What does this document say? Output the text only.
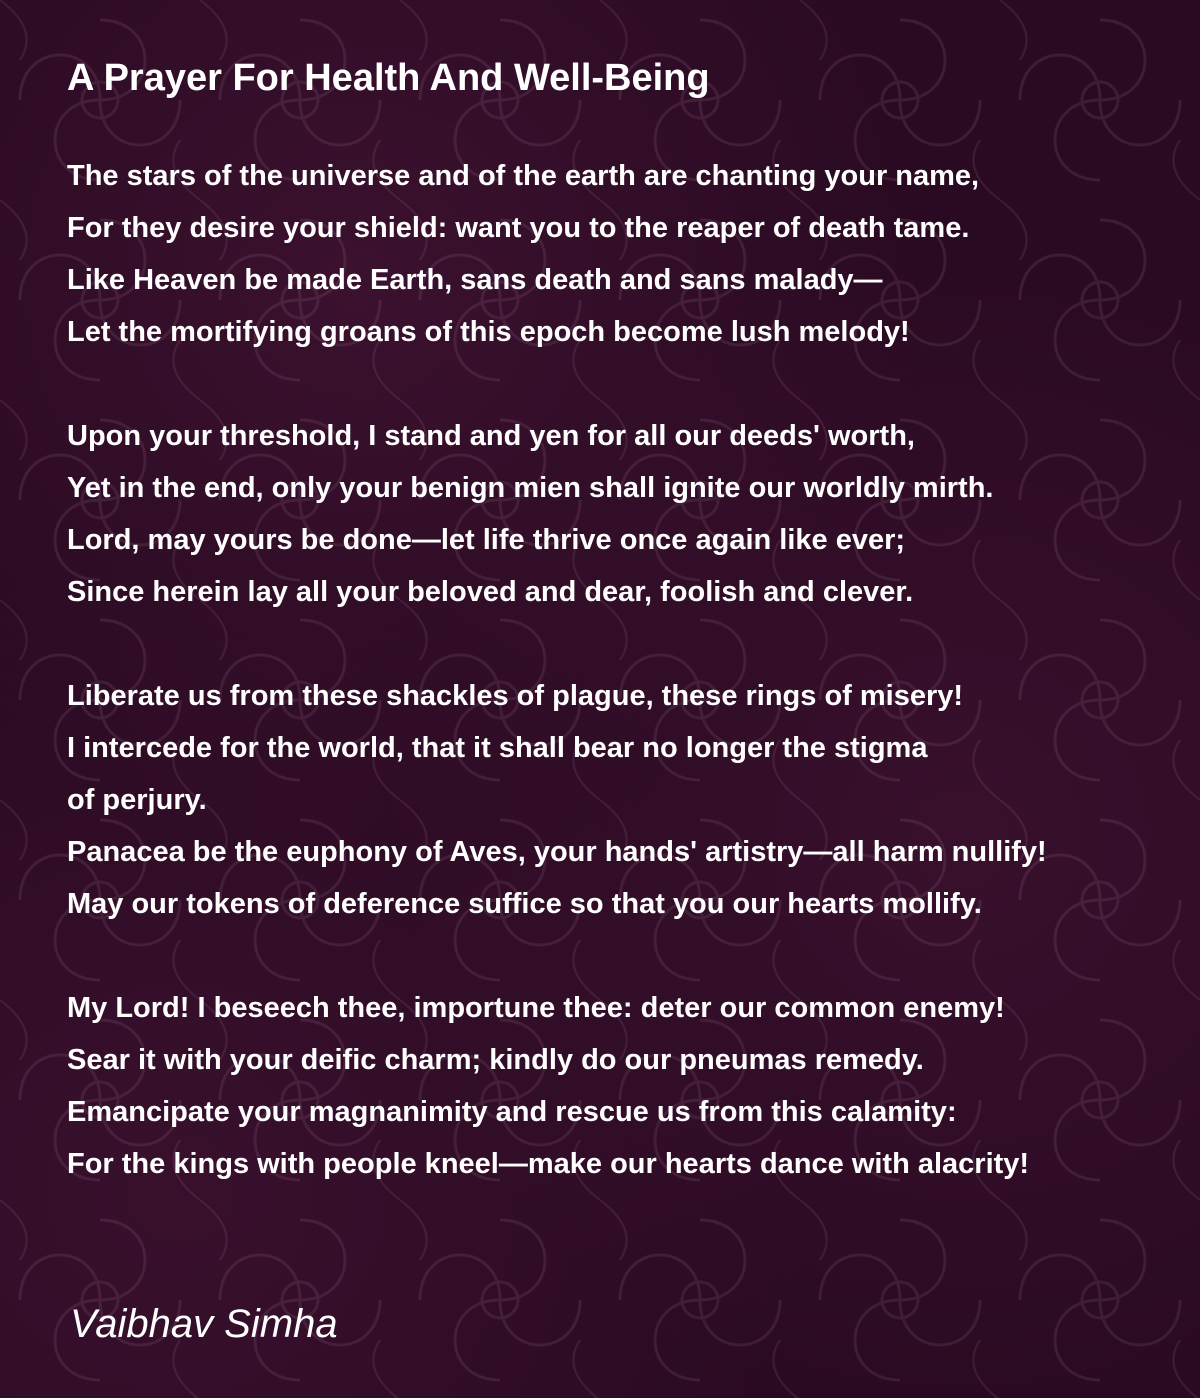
A Prayer For Health And Well-Being
The stars of the universe and of the earth are chanting your name,
For they desire your shield: want you to the reaper of death tame.
Like Heaven be made Earth, sans death and sans malady—
Let the mortifying groans of this epoch become lush melody!
Upon your threshold, I stand and yen for all our deeds' worth,
Yet in the end, only your benign mien shall ignite our worldly mirth.
Lord, may yours be done—let life thrive once again like ever;
Since herein lay all your beloved and dear, foolish and clever.
Liberate us from these shackles of plague, these rings of misery!
I intercede for the world, that it shall bear no longer the stigma
of perjury.
Panacea be the euphony of Aves, your hands' artistry—all harm nullify!
May our tokens of deference suffice so that you our hearts mollify.
My Lord! I beseech thee, importune thee: deter our common enemy!
Sear it with your deific charm; kindly do our pneumas remedy.
Emancipate your magnanimity and rescue us from this calamity:
For the kings with people kneel—make our hearts dance with alacrity!
Vaibhav Simha
